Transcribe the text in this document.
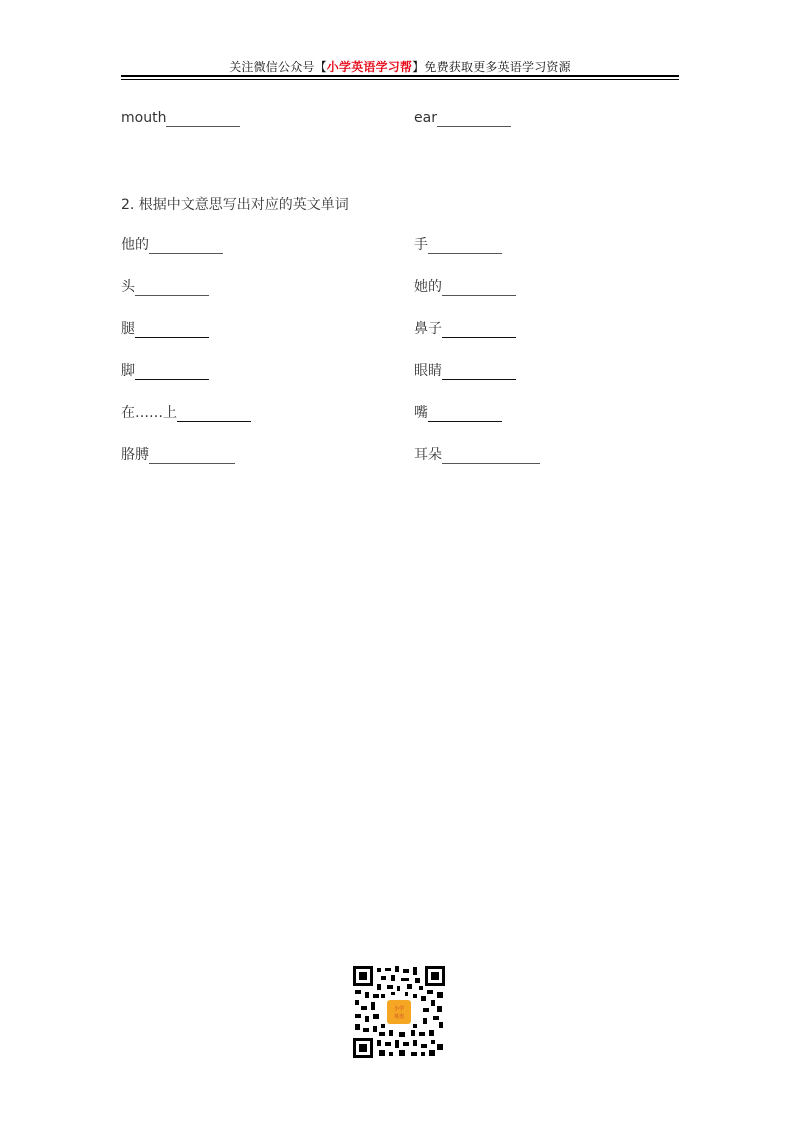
关注微信公众号【小学英语学习帮】免费获取更多英语学习资源
mouth	ear
2. 根据中文意思写出对应的英文单词
他的	手
头	她的
腿	鼻子
脚	眼睛
在……上	嘴
胳膊	耳朵
小学
英语
